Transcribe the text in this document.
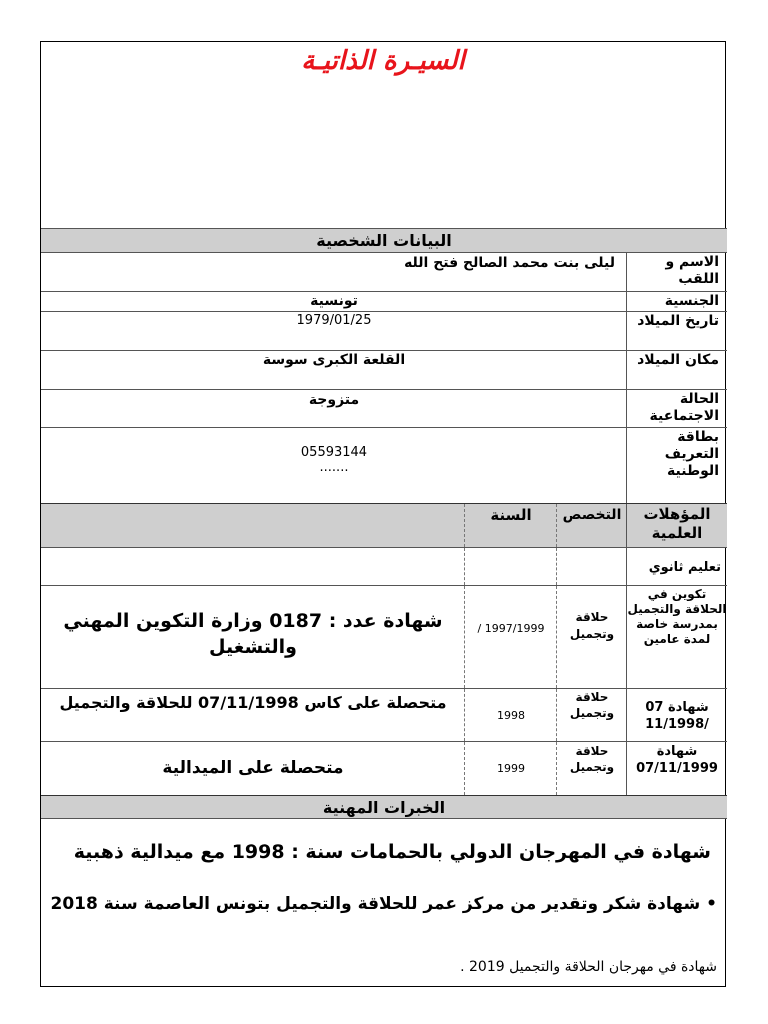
السيـرة الذاتيـة
البيانات الشخصية
الاسم و اللقب
ليلى بنت محمد الصالح فتح الله
الجنسية
تونسية
تاريخ الميلاد
1979/01/25
مكان الميلاد
القلعة الكبرى سوسة
الحالة الاجتماعية
متزوجة
بطاقة التعريف الوطنية
05593144
.......
المؤهلات العلمية
التخصص
السنة
تعليم ثانوي
تكوين في الحلاقة والتجميل بمدرسة خاصة لمدة عامين
حلاقة وتجميل
1997/1999 /
شهادة عدد : 0187 وزارة التكوين المهني والتشغيل
شهادة 07 /11/1998
حلاقة وتجميل
1998
متحصلة على كاس 07/11/1998 للحلاقة والتجميل
شهادة 07/11/1999
حلاقة وتجميل
1999
متحصلة على الميدالية
الخبرات المهنية
شهادة في المهرجان الدولي بالحمامات سنة : 1998 مع ميدالية ذهبية
• شهادة شكر وتقدير من مركز عمر للحلاقة والتجميل بتونس العاصمة سنة 2018
شهادة في مهرجان الحلاقة والتجميل 2019 .
